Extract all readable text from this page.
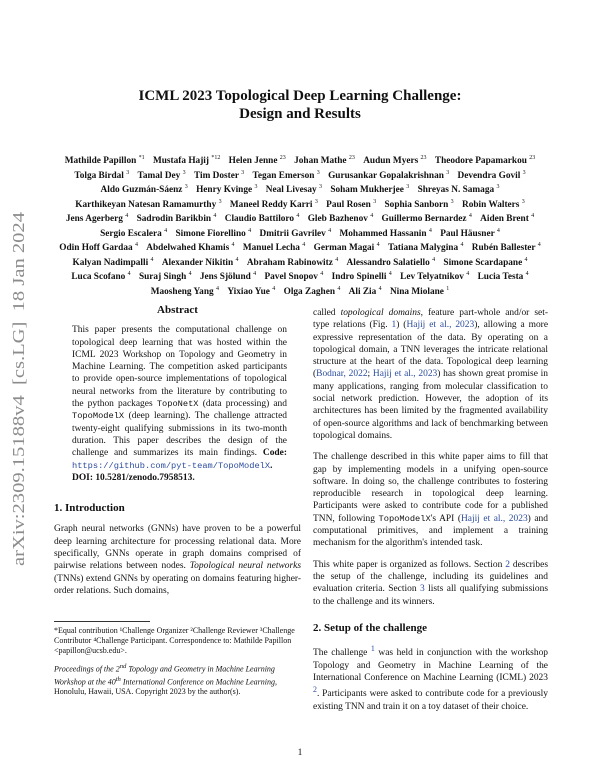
arXiv:2309.15188v4  [cs.LG]  18 Jan 2024
ICML 2023 Topological Deep Learning Challenge:
Design and Results
Mathilde Papillon $^{*1}$ Mustafa Hajij $^{*12}$ Helen Jenne $^{23}$ Johan Mathe $^{23}$ Audun Myers $^{23}$ Theodore Papamarkou $^{23}$ Tolga Birdal $^3$ Tamal Dey $^3$ Tim Doster $^3$ Tegan Emerson $^3$ Gurusankar Gopalakrishnan $^3$ Devendra Govil $^3$ Aldo Guzmán-Sáenz $^3$ Henry Kvinge $^3$ Neal Livesay $^3$ Soham Mukherjee $^3$ Shreyas N. Samaga $^3$ Karthikeyan Natesan Ramamurthy $^3$ Maneel Reddy Karri $^3$ Paul Rosen $^3$ Sophia Sanborn $^3$ Robin Walters $^3$ Jens Agerberg $^4$ Sadrodin Barikbin $^4$ Claudio Battiloro $^4$ Gleb Bazhenov $^4$ Guillermo Bernardez $^4$ Aiden Brent $^4$ Sergio Escalera $^4$ Simone Fiorellino $^4$ Dmitrii Gavrilev $^4$ Mohammed Hassanin $^4$ Paul Häusner $^4$ Odin Hoff Gardaa $^4$ Abdelwahed Khamis $^4$ Manuel Lecha $^4$ German Magai $^4$ Tatiana Malygina $^4$ Rubén Ballester $^4$ Kalyan Nadimpalli $^4$ Alexander Nikitin $^4$ Abraham Rabinowitz $^4$ Alessandro Salatiello $^4$ Simone Scardapane $^4$ Luca Scofano $^4$ Suraj Singh $^4$ Jens Sjölund $^4$ Pavel Snopov $^4$ Indro Spinelli $^4$ Lev Telyatnikov $^4$ Lucia Testa $^4$ Maosheng Yang $^4$ Yixiao Yue $^4$ Olga Zaghen $^4$ Ali Zia $^4$ Nina Miolane $^1$
Abstract

This paper presents the computational challenge on topological deep learning that was hosted within the ICML 2023 Workshop on Topology and Geometry in Machine Learning. The competition asked participants to provide open-source implementations of topological neural networks from the literature by contributing to the python packages TopoNetX (data processing) and TopoModelX (deep learning). The challenge attracted twenty-eight qualifying submissions in its two-month duration. This paper describes the design of the challenge and summarizes its main findings. Code: https://github.com/pyt-team/TopoModelX. DOI: 10.5281/zenodo.7958513.

1. Introduction

Graph neural networks (GNNs) have proven to be a powerful deep learning architecture for processing relational data. More specifically, GNNs operate in graph domains comprised of pairwise relations between nodes. Topological neural networks (TNNs) extend GNNs by operating on domains featuring higher-order relations. Such domains,

called topological domains, feature part-whole and/or set-type relations (Fig. 1) (Hajij et al., 2023), allowing a more expressive representation of the data. By operating on a topological domain, a TNN leverages the intricate relational structure at the heart of the data. Topological deep learning (Bodnar, 2022; Hajij et al., 2023) has shown great promise in many applications, ranging from molecular classification to social network prediction. However, the adoption of its architectures has been limited by the fragmented availability of open-source algorithms and lack of benchmarking between topological domains.

The challenge described in this white paper aims to fill that gap by implementing models in a unifying open-source software. In doing so, the challenge contributes to fostering reproducible research in topological deep learning. Participants were asked to contribute code for a published TNN, following TopoModelX's API (Hajij et al., 2023) and computational primitives, and implement a training mechanism for the algorithm's intended task.

This white paper is organized as follows. Section 2 describes the setup of the challenge, including its guidelines and evaluation criteria. Section 3 lists all qualifying submissions to the challenge and its winners.

2. Setup of the challenge

The challenge $^1$ was held in conjunction with the workshop Topology and Geometry in Machine Learning of the International Conference on Machine Learning (ICML) 2023 $^2$. Participants were asked to contribute code for a previously existing TNN and train it on a toy dataset of their choice.

*Equal contribution ¹Challenge Organizer ²Challenge Reviewer ³Challenge Contributor ⁴Challenge Participant. Correspondence to: Mathilde Papillon <papillon@ucsb.edu>.

Proceedings of the 2nd Topology and Geometry in Machine Learning Workshop at the 40th International Conference on Machine Learning, Honolulu, Hawaii, USA. Copyright 2023 by the author(s).

1
